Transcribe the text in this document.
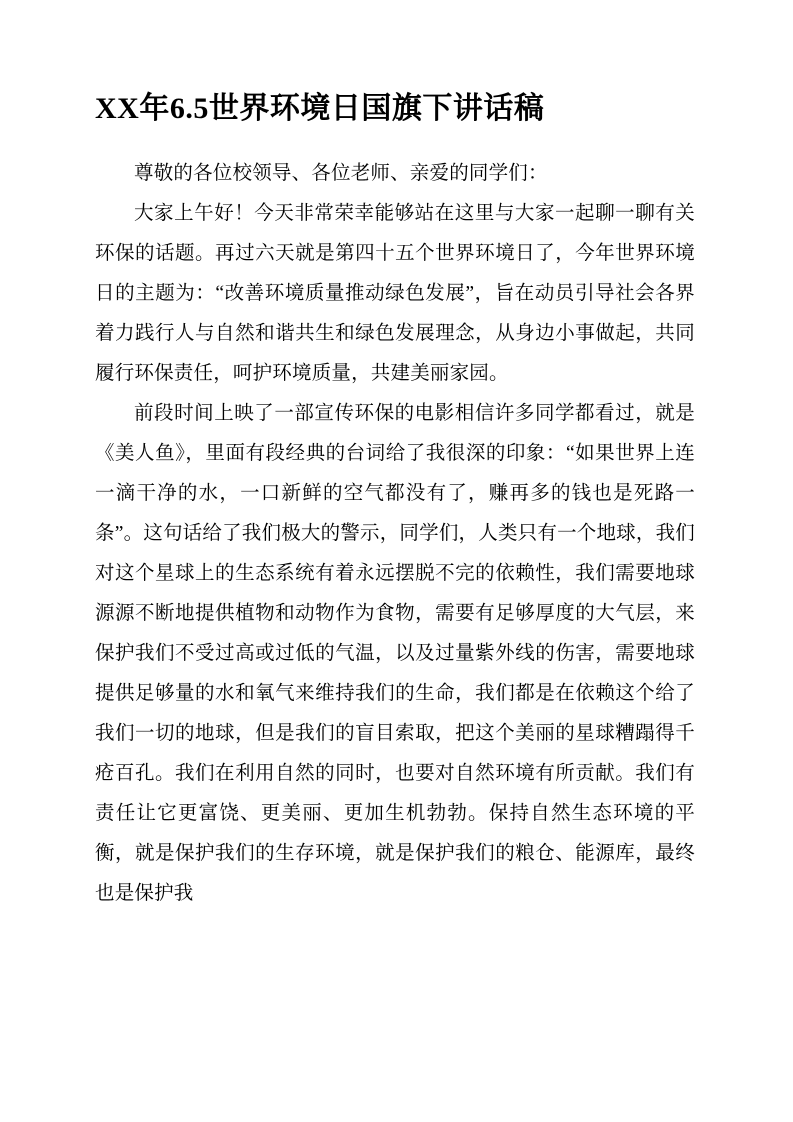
XX年6.5世界环境日国旗下讲话稿

尊敬的各位校领导、各位老师、亲爱的同学们：

大家上午好！今天非常荣幸能够站在这里与大家一起聊一聊有关环保的话题。再过六天就是第四十五个世界环境日了，今年世界环境日的主题为：“改善环境质量推动绿色发展”，旨在动员引导社会各界着力践行人与自然和谐共生和绿色发展理念，从身边小事做起，共同履行环保责任，呵护环境质量，共建美丽家园。

前段时间上映了一部宣传环保的电影相信许多同学都看过，就是《美人鱼》，里面有段经典的台词给了我很深的印象：“如果世界上连一滴干净的水，一口新鲜的空气都没有了，赚再多的钱也是死路一条”。这句话给了我们极大的警示，同学们，人类只有一个地球，我们对这个星球上的生态系统有着永远摆脱不完的依赖性，我们需要地球源源不断地提供植物和动物作为食物，需要有足够厚度的大气层，来保护我们不受过高或过低的气温，以及过量紫外线的伤害，需要地球提供足够量的水和氧气来维持我们的生命，我们都是在依赖这个给了我们一切的地球，但是我们的盲目索取，把这个美丽的星球糟蹋得千疮百孔。我们在利用自然的同时，也要对自然环境有所贡献。我们有责任让它更富饶、更美丽、更加生机勃勃。保持自然生态环境的平衡，就是保护我们的生存环境，就是保护我们的粮仓、能源库，最终也是保护我
